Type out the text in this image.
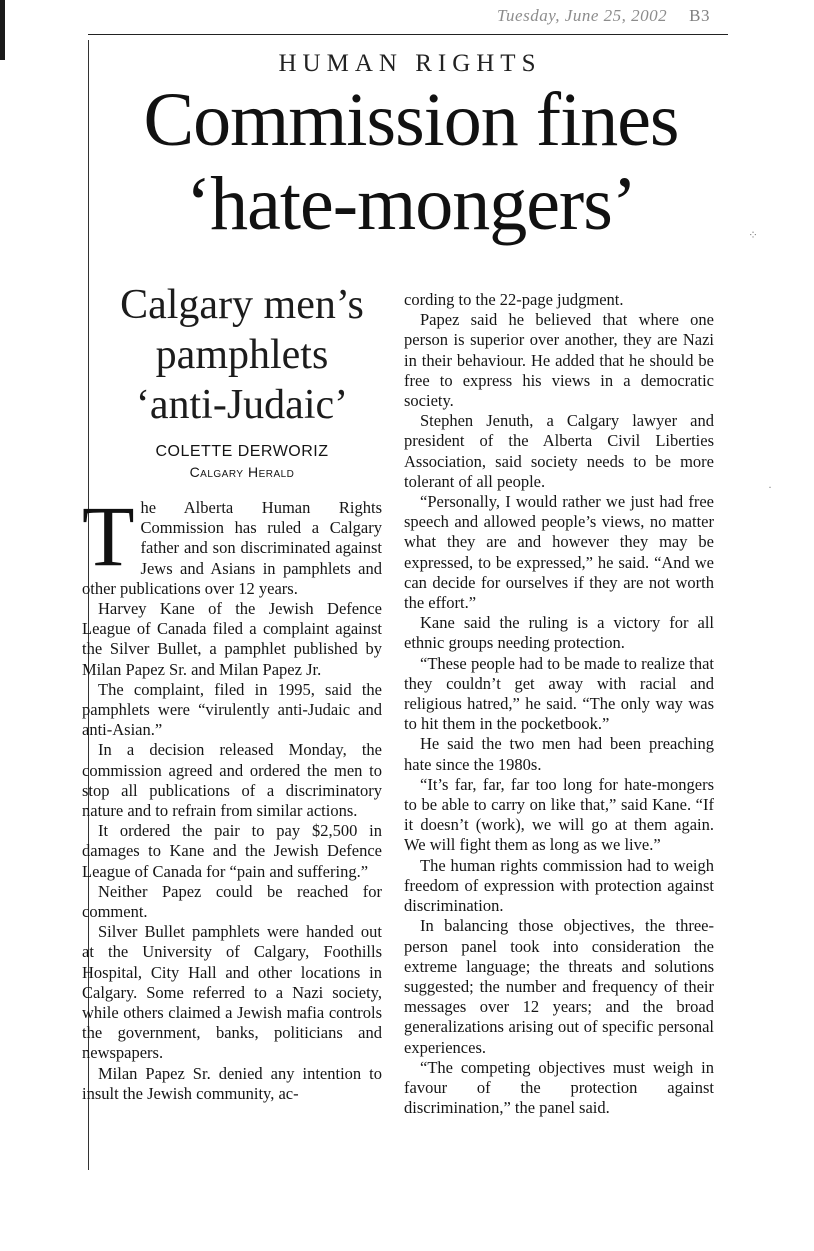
Tuesday, June 25, 2002 B3
HUMAN RIGHTS
Commission fines
‘hate-mongers’
Calgary men’s
pamphlets
‘anti-Judaic’
COLETTE DERWORIZ
Calgary Herald

The Alberta Human Rights Commission has ruled a Calgary father and son discriminated against Jews and Asians in pamphlets and other publications over 12 years.

Harvey Kane of the Jewish Defence League of Canada filed a complaint against the Silver Bullet, a pamphlet published by Milan Papez Sr. and Milan Papez Jr.

The complaint, filed in 1995, said the pamphlets were “virulently anti-Judaic and anti-Asian.”

In a decision released Monday, the commission agreed and ordered the men to stop all publications of a discriminatory nature and to refrain from similar actions.

It ordered the pair to pay $2,500 in damages to Kane and the Jewish Defence League of Canada for “pain and suffering.”

Neither Papez could be reached for comment.

Silver Bullet pamphlets were handed out at the University of Calgary, Foothills Hospital, City Hall and other locations in Calgary. Some referred to a Nazi society, while others claimed a Jewish mafia controls the government, banks, politicians and newspapers.

Milan Papez Sr. denied any intention to insult the Jewish community, ac-

cording to the 22-page judgment.

Papez said he believed that where one person is superior over another, they are Nazi in their behaviour. He added that he should be free to express his views in a democratic society.

Stephen Jenuth, a Calgary lawyer and president of the Alberta Civil Liberties Association, said society needs to be more tolerant of all people.

“Personally, I would rather we just had free speech and allowed people’s views, no matter what they are and however they may be expressed, to be expressed,” he said. “And we can decide for ourselves if they are not worth the effort.”

Kane said the ruling is a victory for all ethnic groups needing protection.

“These people had to be made to realize that they couldn’t get away with racial and religious hatred,” he said. “The only way was to hit them in the pocketbook.”

He said the two men had been preaching hate since the 1980s.

“It’s far, far, far too long for hate-mongers to be able to carry on like that,” said Kane. “If it doesn’t (work), we will go at them again. We will fight them as long as we live.”

The human rights commission had to weigh freedom of expression with protection against discrimination.

In balancing those objectives, the three-person panel took into consideration the extreme language; the threats and solutions suggested; the number and frequency of their messages over 12 years; and the broad generalizations arising out of specific personal experiences.

“The competing objectives must weigh in favour of the protection against discrimination,” the panel said.

⁘
·
